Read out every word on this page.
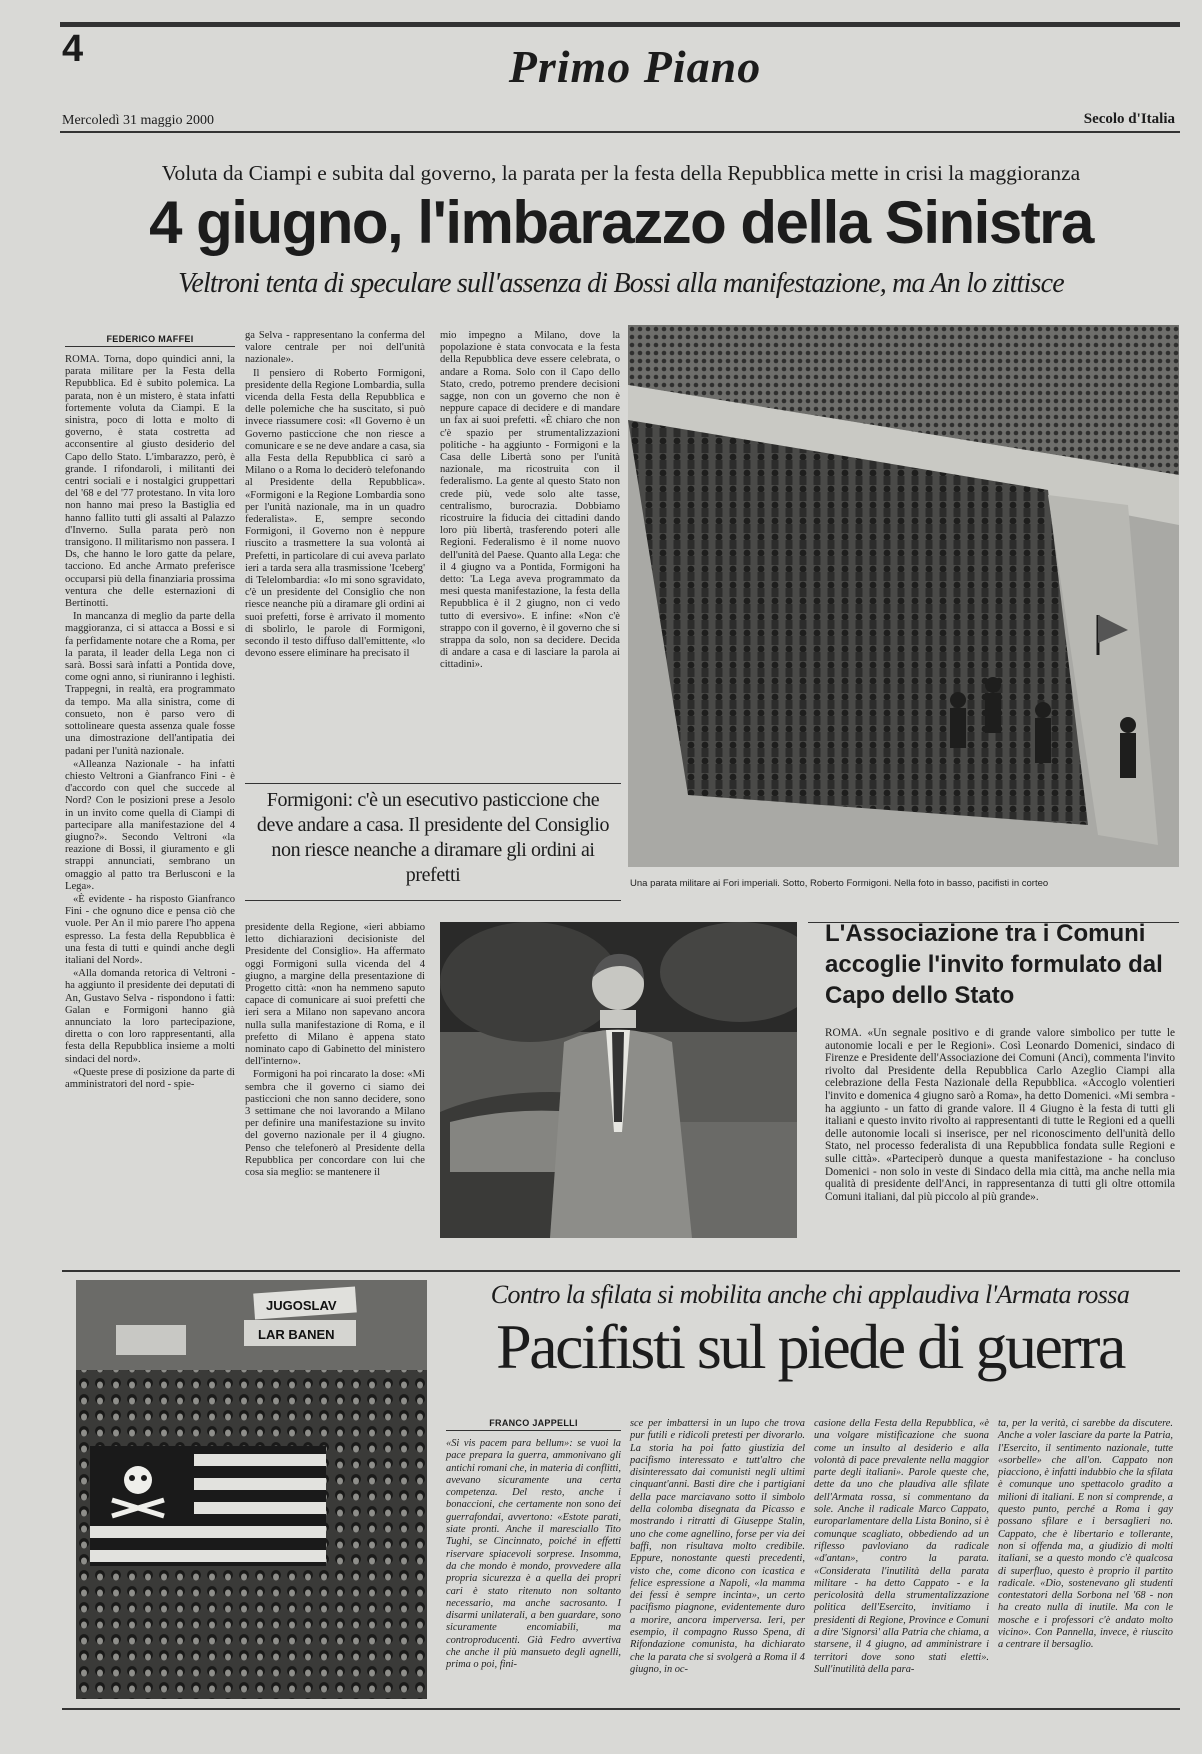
4	Primo Piano
Mercoledì 31 maggio 2000	Secolo d'Italia
Voluta da Ciampi e subita dal governo, la parata per la festa della Repubblica mette in crisi la maggioranza
4 giugno, l'imbarazzo della Sinistra
Veltroni tenta di speculare sull'assenza di Bossi alla manifestazione, ma An lo zittisce
FEDERICO MAFFEI

ROMA. Torna, dopo quindici anni, la parata militare per la Festa della Repubblica. Ed è subito polemica. La parata, non è un mistero, è stata infatti fortemente voluta da Ciampi. E la sinistra, poco di lotta e molto di governo, è stata costretta ad acconsentire al giusto desiderio del Capo dello Stato. L'imbarazzo, però, è grande. I rifondaroli, i militanti dei centri sociali e i nostalgici gruppettari del '68 e del '77 protestano. In vita loro non hanno mai preso la Bastiglia ed hanno fallito tutti gli assalti al Palazzo d'Inverno. Sulla parata però non transigono. Il militarismo non passera. I Ds, che hanno le loro gatte da pelare, tacciono. Ed anche Armato preferisce occuparsi più della finanziaria prossima ventura che delle esternazioni di Bertinotti.

In mancanza di meglio da parte della maggioranza, ci si attacca a Bossi e si fa perfidamente notare che a Roma, per la parata, il leader della Lega non ci sarà. Bossi sarà infatti a Pontida dove, come ogni anno, si riuniranno i leghisti. Trappegni, in realtà, era programmato da tempo. Ma alla sinistra, come di consueto, non è parso vero di sottolineare questa assenza quale fosse una dimostrazione dell'antipatia dei padani per l'unità nazionale.

«Alleanza Nazionale - ha infatti chiesto Veltroni a Gianfranco Fini - è d'accordo con quel che succede al Nord? Con le posizioni prese a Jesolo in un invito come quella di Ciampi di partecipare alla manifestazione del 4 giugno?». Secondo Veltroni «la reazione di Bossi, il giuramento e gli strappi annunciati, sembrano un omaggio al patto tra Berlusconi e la Lega».

«È evidente - ha risposto Gianfranco Fini - che ognuno dice e pensa ciò che vuole. Per An il mio parere l'ho appena espresso. La festa della Repubblica è una festa di tutti e quindi anche degli italiani del Nord».

«Alla domanda retorica di Veltroni - ha aggiunto il presidente dei deputati di An, Gustavo Selva - rispondono i fatti: Galan e Formigoni hanno già annunciato la loro partecipazione, diretta o con loro rappresentanti, alla festa della Repubblica insieme a molti sindaci del nord».

«Queste prese di posizione da parte di amministratori del nord - spie-

ga Selva - rappresentano la conferma del valore centrale per noi dell'unità nazionale».

Il pensiero di Roberto Formigoni, presidente della Regione Lombardia, sulla vicenda della Festa della Repubblica e delle polemiche che ha suscitato, si può invece riassumere così: «Il Governo è un Governo pasticcione che non riesce a comunicare e se ne deve andare a casa, sia alla Festa della Repubblica ci sarò a Milano o a Roma lo deciderò telefonando al Presidente della Repubblica». «Formigoni e la Regione Lombardia sono per l'unità nazionale, ma in un quadro federalista». E, sempre secondo Formigoni, il Governo non è neppure riuscito a trasmettere la sua volontà ai Prefetti, in particolare di cui aveva parlato ieri a tarda sera alla trasmissione 'Iceberg' di Telelombardia: «Io mi sono sgravidato, c'è un presidente del Consiglio che non riesce neanche più a diramare gli ordini ai suoi prefetti, forse è arrivato il momento di sbolirlo, le parole di Formigoni, secondo il testo diffuso dall'emittente, «lo devono essere eliminare ha precisato il

mio impegno a Milano, dove la popolazione è stata convocata e la festa della Repubblica deve essere celebrata, o andare a Roma. Solo con il Capo dello Stato, credo, potremo prendere decisioni sagge, non con un governo che non è neppure capace di decidere e di mandare un fax ai suoi prefetti. «È chiaro che non c'è spazio per strumentalizzazioni politiche - ha aggiunto - Formigoni e la Casa delle Libertà sono per l'unità nazionale, ma ricostruita con il federalismo. La gente al questo Stato non crede più, vede solo alte tasse, centralismo, burocrazia. Dobbiamo ricostruire la fiducia dei cittadini dando loro più libertà, trasferendo poteri alle Regioni. Federalismo è il nome nuovo dell'unità del Paese. Quanto alla Lega: che il 4 giugno va a Pontida, Formigoni ha detto: 'La Lega aveva programmato da mesi questa manifestazione, la festa della Repubblica è il 2 giugno, non ci vedo tutto di eversivo». E infine: «Non c'è strappo con il governo, è il governo che si strappa da solo, non sa decidere. Decida di andare a casa e di lasciare la parola ai cittadini».

Formigoni: c'è un esecutivo pasticcione che deve andare a casa. Il presidente del Consiglio non riesce neanche a diramare gli ordini ai prefetti

presidente della Regione, «ieri abbiamo letto dichiarazioni decisioniste del Presidente del Consiglio». Ha affermato oggi Formigoni sulla vicenda del 4 giugno, a margine della presentazione di Progetto città: «non ha nemmeno saputo capace di comunicare ai suoi prefetti che ieri sera a Milano non sapevano ancora nulla sulla manifestazione di Roma, e il prefetto di Milano è appena stato nominato capo di Gabinetto del ministero dell'interno».

Formigoni ha poi rincarato la dose: «Mi sembra che il governo ci siamo dei pasticcioni che non sanno decidere, sono 3 settimane che noi lavorando a Milano per definire una manifestazione su invito del governo nazionale per il 4 giugno. Penso che telefonerò al Presidente della Repubblica per concordare con lui che cosa sia meglio: se mantenere il

Una parata militare ai Fori imperiali. Sotto, Roberto Formigoni. Nella foto in basso, pacifisti in corteo
L'Associazione tra i Comuni accoglie l'invito formulato dal Capo dello Stato
ROMA. «Un segnale positivo e di grande valore simbolico per tutte le autonomie locali e per le Regioni». Così Leonardo Domenici, sindaco di Firenze e Presidente dell'Associazione dei Comuni (Anci), commenta l'invito rivolto dal Presidente della Repubblica Carlo Azeglio Ciampi alla celebrazione della Festa Nazionale della Repubblica. «Accoglo volentieri l'invito e domenica 4 giugno sarò a Roma», ha detto Domenici. «Mi sembra - ha aggiunto - un fatto di grande valore. Il 4 Giugno è la festa di tutti gli italiani e questo invito rivolto ai rappresentanti di tutte le Regioni ed a quelli delle autonomie locali si inserisce, per nel riconoscimento dell'unità dello Stato, nel processo federalista di una Repubblica fondata sulle Regioni e sulle città». «Parteciperò dunque a questa manifestazione - ha concluso Domenici - non solo in veste di Sindaco della mia città, ma anche nella mia qualità di presidente dell'Anci, in rappresentanza di tutti gli oltre ottomila Comuni italiani, dal più piccolo al più grande».
JUGOSLAV
LAR BANEN
Contro la sfilata si mobilita anche chi applaudiva l'Armata rossa
Pacifisti sul piede di guerra
FRANCO JAPPELLI
«Si vis pacem para bellum»: se vuoi la pace prepara la guerra, ammonivano gli antichi romani che, in materia di conflitti, avevano sicuramente una certa competenza. Del resto, anche i bonaccioni, che certamente non sono dei guerrafondai, avvertono: «Estote parati, siate pronti. Anche il maresciallo Tito Tughi, se Cincinnato, poiché in effetti riservare spiacevoli sorprese. Insomma, da che mondo è mondo, provvedere alla propria sicurezza è a quella dei propri cari è stato ritenuto non soltanto necessario, ma anche sacrosanto. I disarmi unilaterali, a ben guardare, sono sicuramente encomiabili, ma controproducenti. Già Fedro avvertiva che anche il più mansueto degli agnelli, prima o poi, fini-
sce per imbattersi in un lupo che trova pur futili e ridicoli pretesti per divorarlo. La storia ha poi fatto giustizia del pacifismo interessato e tutt'altro che disinteressato dai comunisti negli ultimi cinquant'anni. Basti dire che i partigiani della pace marciavano sotto il simbolo della colomba disegnata da Picasso e mostrando i ritratti di Giuseppe Stalin, uno che come agnellino, forse per via dei baffi, non risultava molto credibile. Eppure, nonostante questi precedenti, visto che, come dicono con icastica e felice espressione a Napoli, «la mamma dei fessi è sempre incinta», un certo pacifismo piagnone, evidentemente duro a morire, ancora imperversa. Ieri, per esempio, il compagno Russo Spena, di Rifondazione comunista, ha dichiarato che la parata che si svolgerà a Roma il 4 giugno, in oc-
casione della Festa della Repubblica, «è una volgare mistificazione che suona come un insulto al desiderio e alla volontà di pace prevalente nella maggior parte degli italiani». Parole queste che, dette da uno che plaudiva alle sfilate dell'Armata rossa, si commentano da sole. Anche il radicale Marco Cappato, europarlamentare della Lista Bonino, si è comunque scagliato, obbediendo ad un riflesso pavloviano da radicale «d'antan», contro la parata. «Considerata l'inutilità della parata militare - ha detto Cappato - e la pericolosità della strumentalizzazione politica dell'Esercito, invitiamo i presidenti di Regione, Province e Comuni a dire 'Signorsì' alla Patria che chiama, a starsene, il 4 giugno, ad amministrare i territori dove sono stati eletti». Sull'inutilità della para-
ta, per la verità, ci sarebbe da discutere. Anche a voler lasciare da parte la Patria, l'Esercito, il sentimento nazionale, tutte «sorbelle» che all'on. Cappato non piacciono, è infatti indubbio che la sfilata è comunque uno spettacolo gradito a milioni di italiani. E non si comprende, a questo punto, perché a Roma i gay possano sfilare e i bersaglieri no. Cappato, che è libertario e tollerante, non si offenda ma, a giudizio di molti italiani, se a questo mondo c'è qualcosa di superfluo, questo è proprio il partito radicale. «Dio, sostenevano gli studenti contestatori della Sorbona nel '68 - non ha creato nulla di inutile. Ma con le mosche e i professori c'è andato molto vicino». Con Pannella, invece, è riuscito a centrare il bersaglio.
